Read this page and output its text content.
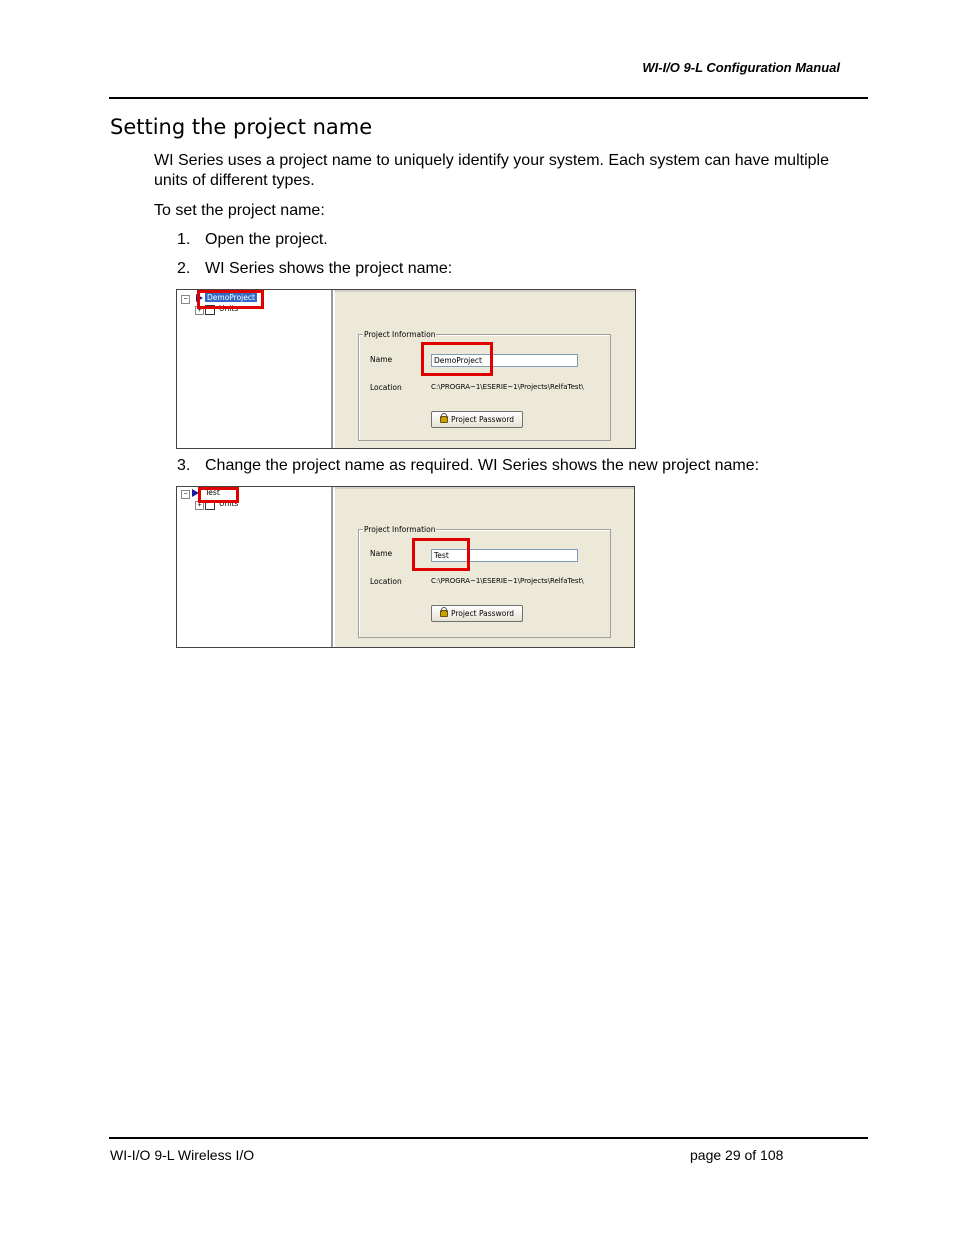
WI-I/O 9-L Configuration Manual
Setting the project name
WI Series uses a project name to uniquely identify your system. Each system can have multiple units of different types.
To set the project name:
1. Open the project.
2. WI Series shows the project name:
−	DemoProject
+	Units
Project Information
Name	DemoProject
Location	C:\PROGRA~1\ESERIE~1\Projects\RelfaTest\
Project Password
3. Change the project name as required. WI Series shows the new project name:
−	Test
+	Units
Project Information
Name	Test
Location	C:\PROGRA~1\ESERIE~1\Projects\RelfaTest\
Project Password
WI-I/O 9-L Wireless I/O	page 29 of 108
